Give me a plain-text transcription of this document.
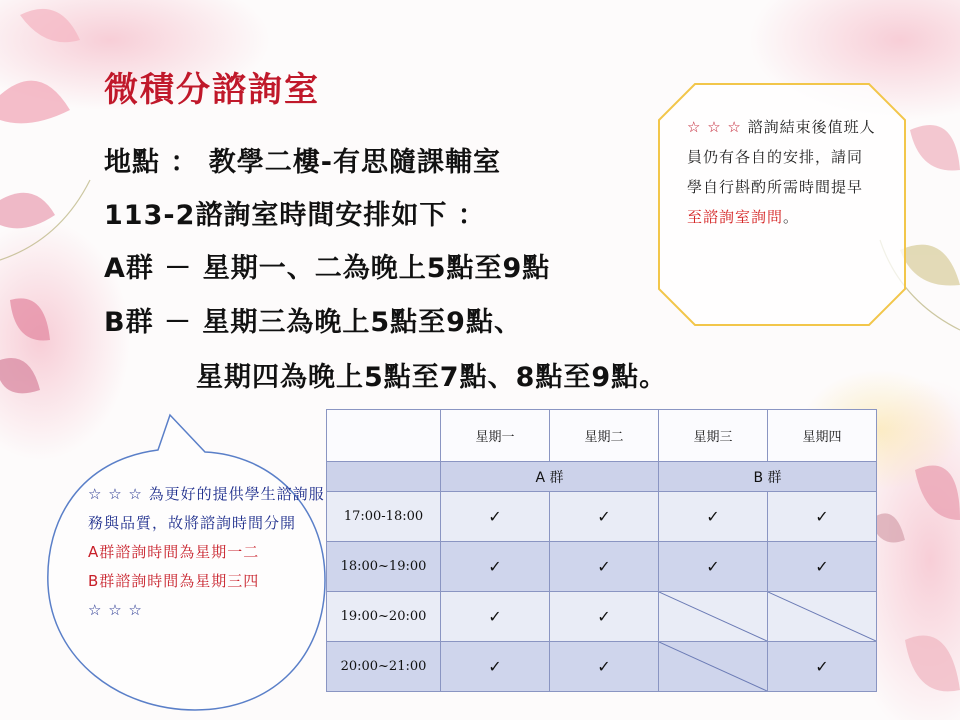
微積分諮詢室
地點 ： 教學二樓-有思隨課輔室
113-2諮詢室時間安排如下 ：
A群 － 星期一、二為晚上5點至9點
B群 － 星期三為晚上5點至9點、
星期四為晚上5點至7點、8點至9點。
☆ ☆ ☆ 諮詢結束後值班人員仍有各自的安排，請同學自行斟酌所需時間提早至諮詢室詢問。
☆ ☆ ☆ 為更好的提供學生諮詢服務與品質，故將諮詢時間分開
A群諮詢時間為星期一二
B群諮詢時間為星期三四
☆ ☆ ☆
	星期一	星期二	星期三	星期四
	A 群		B 群	
17:00-18:00	✓	✓	✓	✓
18:00~19:00	✓	✓	✓	✓
19:00~20:00	✓	✓	

20:00~21:00	✓	✓		✓
